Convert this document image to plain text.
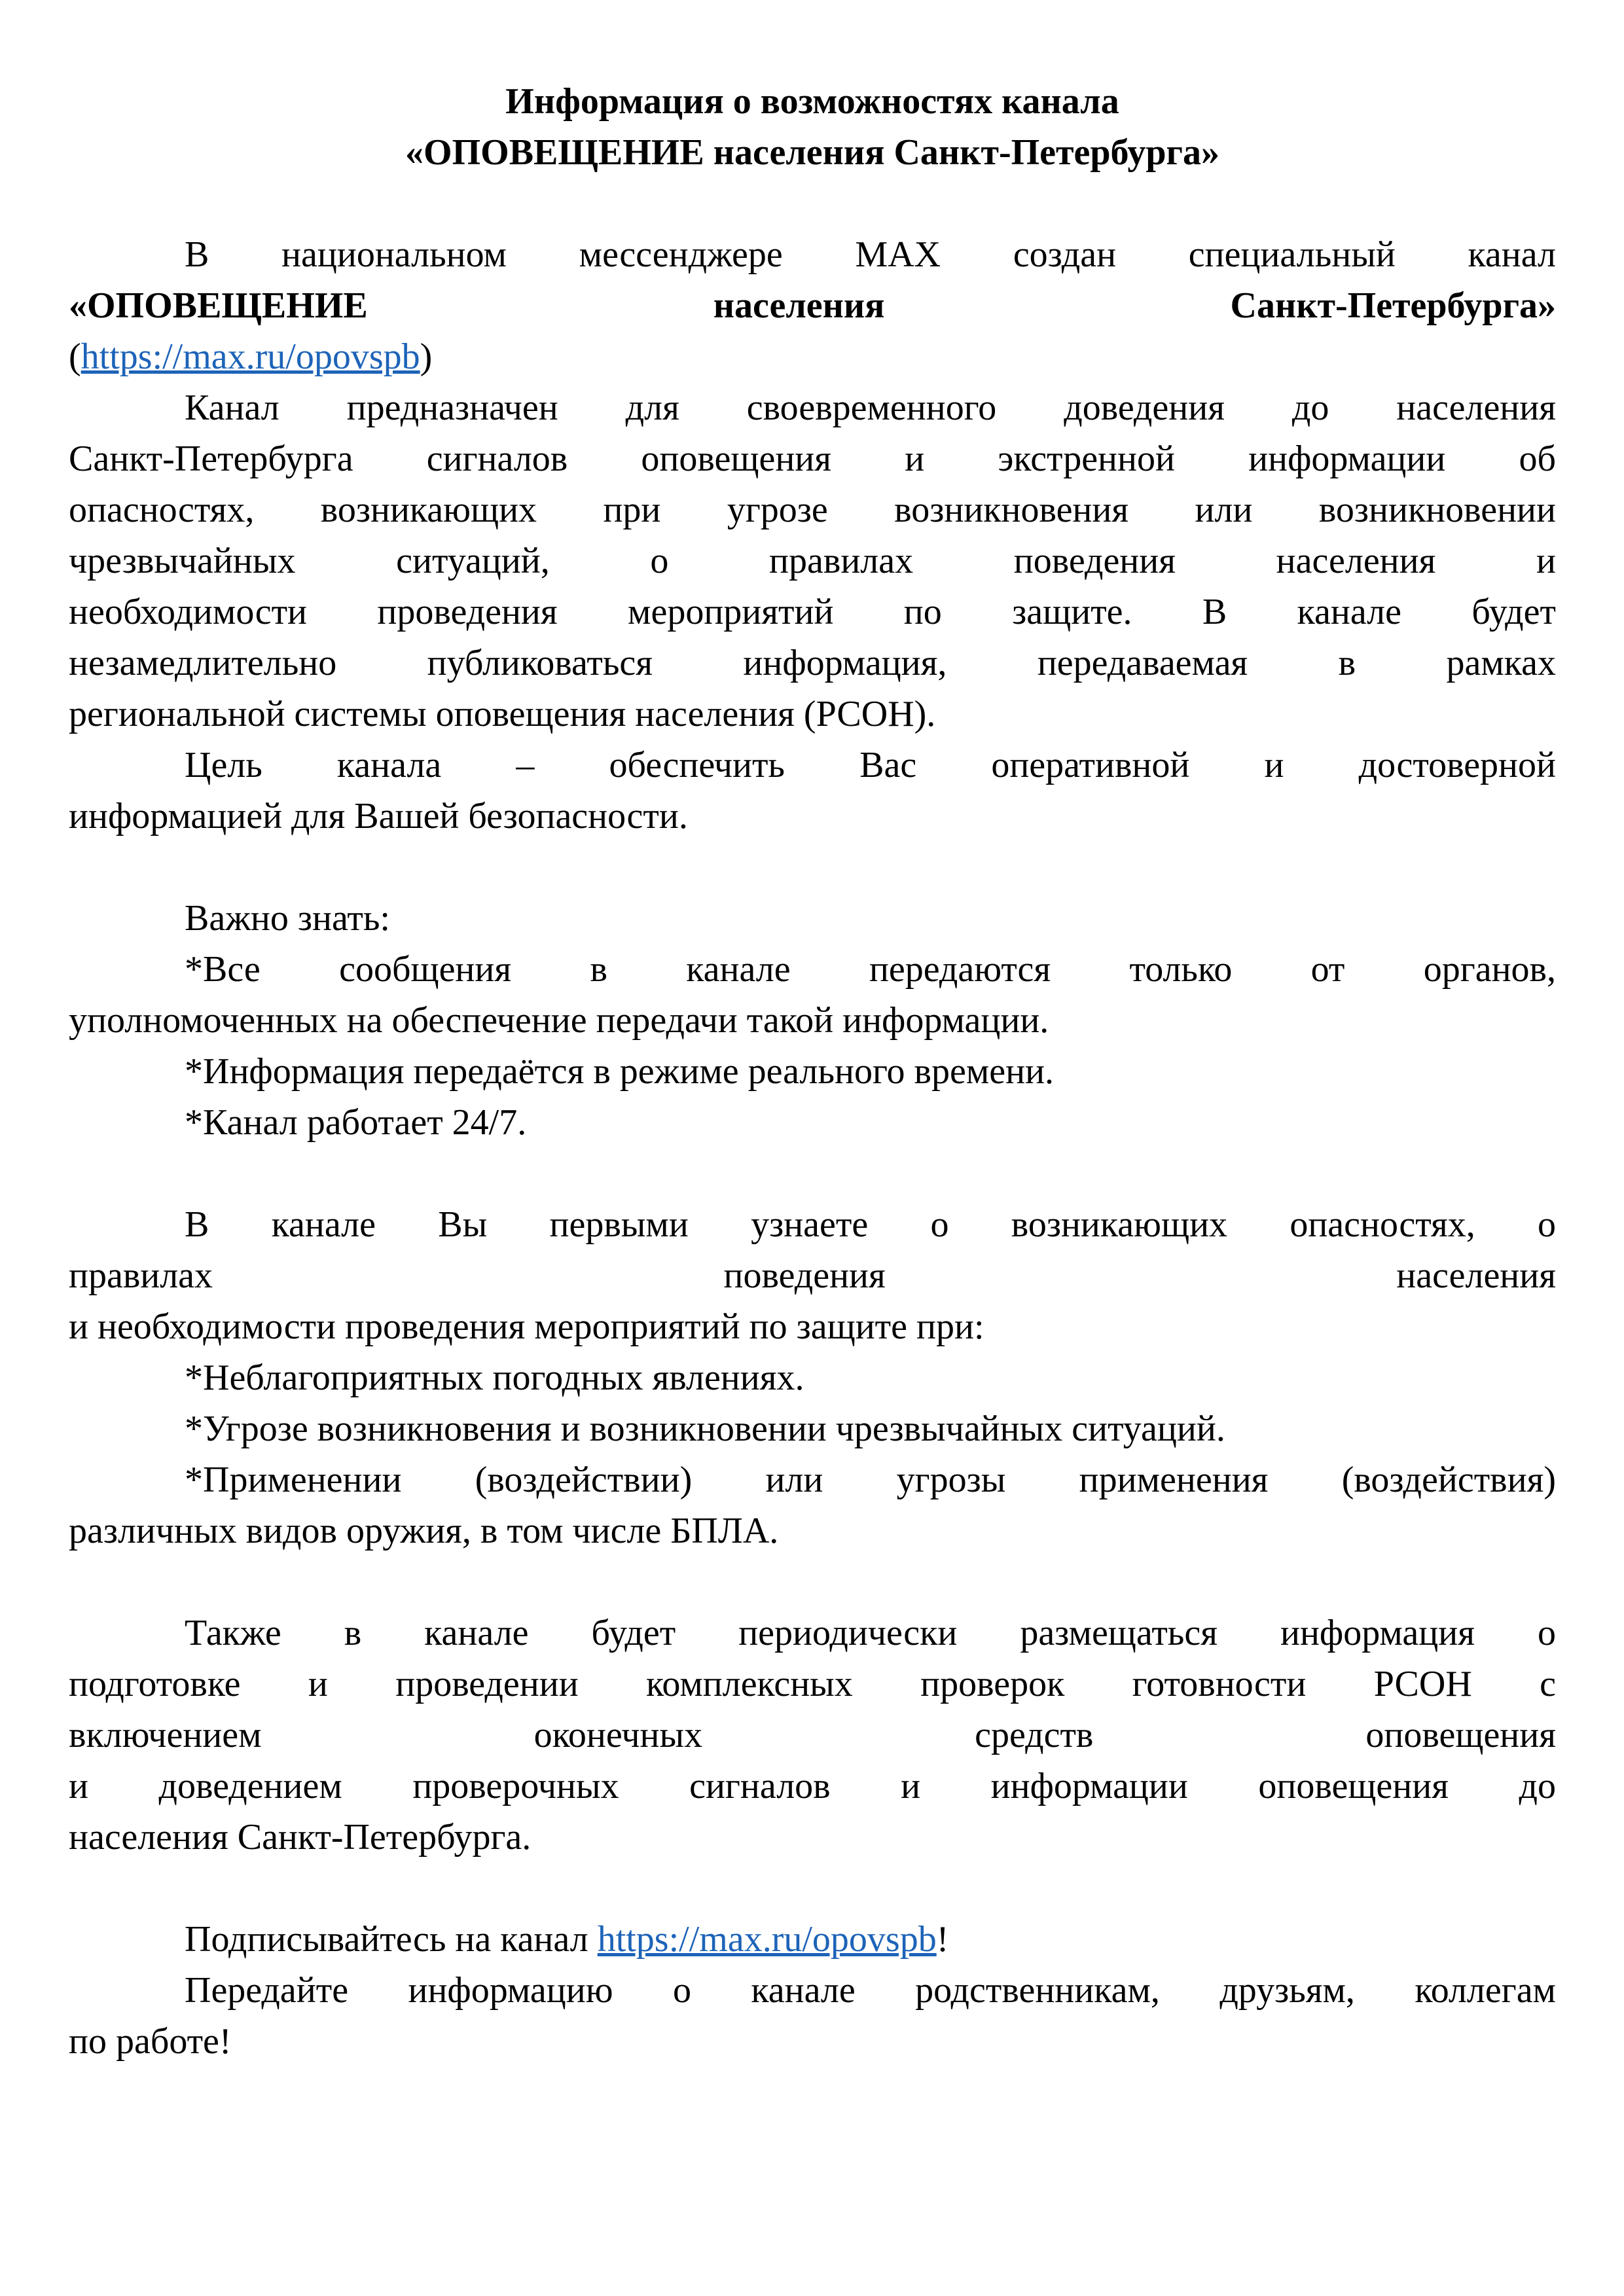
Информация о возможностях канала
«ОПОВЕЩЕНИЕ населения Санкт-Петербурга»
В национальном мессенджере MAX создан специальный канал
«ОПОВЕЩЕНИЕ населения Санкт-Петербурга»
(https://max.ru/opovspb)
Канал предназначен для своевременного доведения до населения
Санкт-Петербурга сигналов оповещения и экстренной информации об
опасностях, возникающих при угрозе возникновения или возникновении
чрезвычайных ситуаций, о правилах поведения населения и
необходимости проведения мероприятий по защите. В канале будет
незамедлительно публиковаться информация, передаваемая в рамках
региональной системы оповещения населения (РСОН).
Цель канала – обеспечить Вас оперативной и достоверной
информацией для Вашей безопасности.
Важно знать:
*Все сообщения в канале передаются только от органов,
уполномоченных на обеспечение передачи такой информации.
*Информация передаётся в режиме реального времени.
*Канал работает 24/7.
В канале Вы первыми узнаете о возникающих опасностях, о
правилах поведения населения
и необходимости проведения мероприятий по защите при:
*Неблагоприятных погодных явлениях.
*Угрозе возникновения и возникновении чрезвычайных ситуаций.
*Применении (воздействии) или угрозы применения (воздействия)
различных видов оружия, в том числе БПЛА.
Также в канале будет периодически размещаться информация о
подготовке и проведении комплексных проверок готовности РСОН с
включением оконечных средств оповещения
и доведением проверочных сигналов и информации оповещения до
населения Санкт-Петербурга.
Подписывайтесь на канал https://max.ru/opovspb!
Передайте информацию о канале родственникам, друзьям, коллегам
по работе!
